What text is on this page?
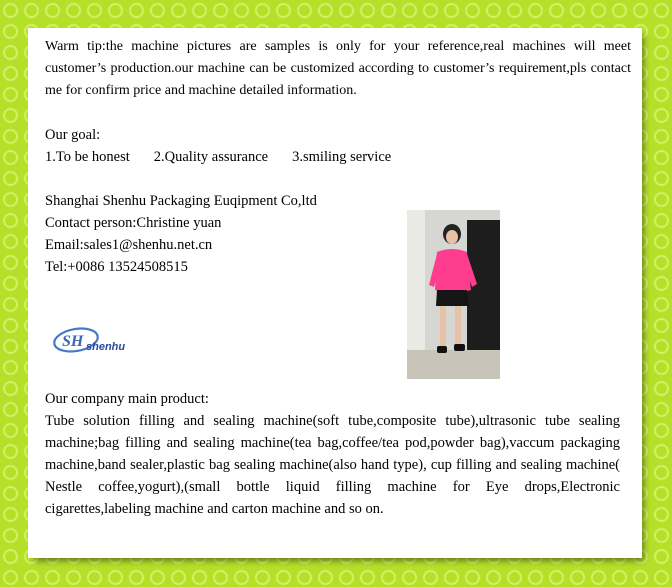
Warm tip:the machine pictures are samples is only for your reference,real machines will meet customer’s production.our machine can be customized according to customer’s requirement,pls contact me for confirm price and machine detailed information.

Our goal:

1.To be honest 2.Quality assurance 3.smiling service

Shanghai Shenhu Packaging Euqipment Co,ltd

Contact person:Christine yuan

Email:sales1@shenhu.net.cn

Tel:+0086 13524508515

SH shenhu

Our company main product:

Tube solution filling and sealing machine(soft tube,composite tube),ultrasonic tube sealing machine;bag filling and sealing machine(tea bag,coffee/tea pod,powder bag),vaccum packaging machine,band sealer,plastic bag sealing machine(also hand type), cup filling and sealing machine( Nestle coffee,yogurt),(small bottle liquid filling machine for Eye drops,Electronic cigarettes,labeling machine and carton machine and so on.
